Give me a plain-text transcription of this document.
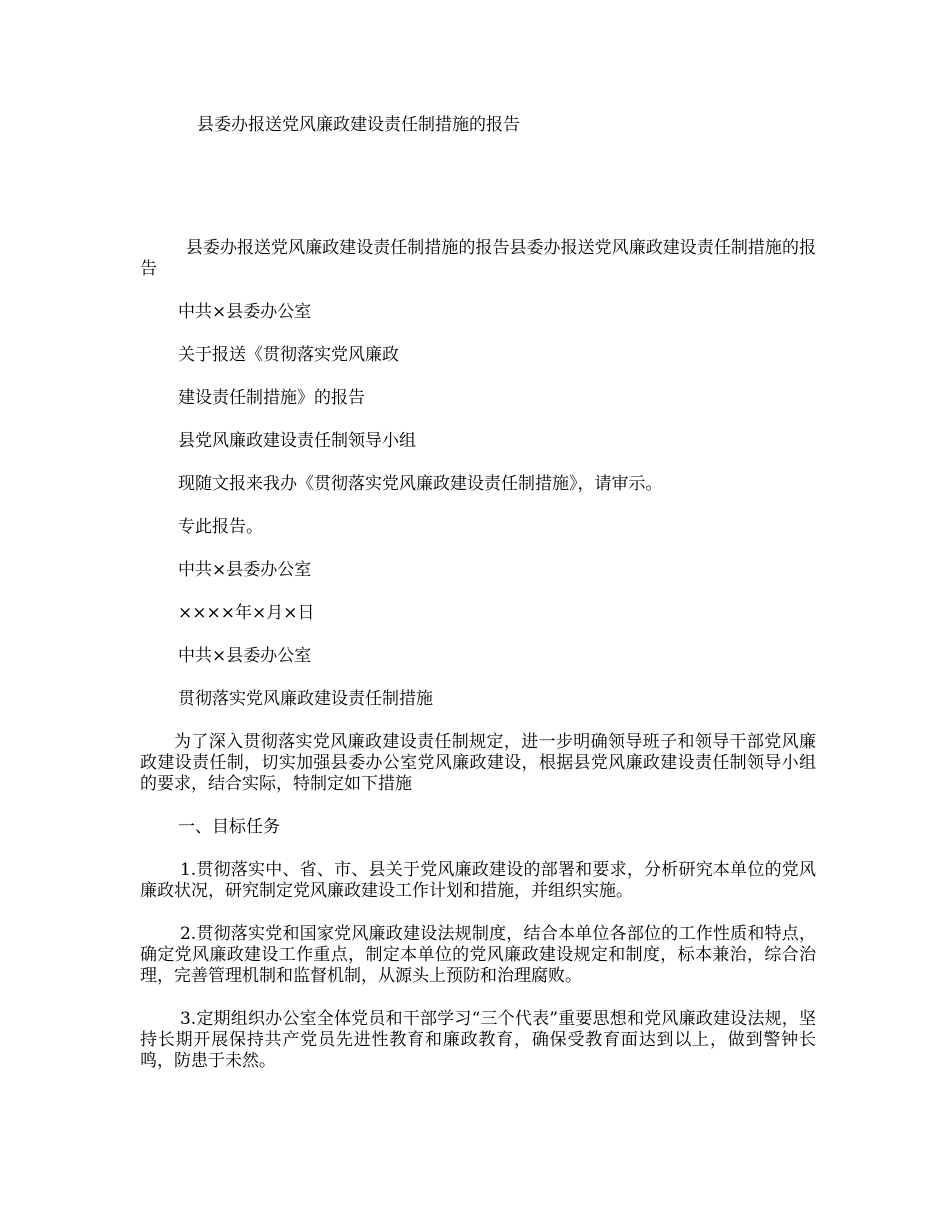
县委办报送党风廉政建设责任制措施的报告

县委办报送党风廉政建设责任制措施的报告县委办报送党风廉政建设责任制措施的报告

中共×县委办公室
关于报送《贯彻落实党风廉政
建设责任制措施》的报告
县党风廉政建设责任制领导小组
现随文报来我办《贯彻落实党风廉政建设责任制措施》，请审示。
专此报告。
中共×县委办公室
××××年×月×日
中共×县委办公室
贯彻落实党风廉政建设责任制措施

为了深入贯彻落实党风廉政建设责任制规定，进一步明确领导班子和领导干部党风廉政建设责任制，切实加强县委办公室党风廉政建设，根据县党风廉政建设责任制领导小组的要求，结合实际，特制定如下措施

一、目标任务

1.贯彻落实中、省、市、县关于党风廉政建设的部署和要求，分析研究本单位的党风廉政状况，研究制定党风廉政建设工作计划和措施，并组织实施。

2.贯彻落实党和国家党风廉政建设法规制度，结合本单位各部位的工作性质和特点，确定党风廉政建设工作重点，制定本单位的党风廉政建设规定和制度，标本兼治，综合治理，完善管理机制和监督机制，从源头上预防和治理腐败。

3.定期组织办公室全体党员和干部学习“三个代表”重要思想和党风廉政建设法规，坚持长期开展保持共产党员先进性教育和廉政教育，确保受教育面达到以上，做到警钟长鸣，防患于未然。
